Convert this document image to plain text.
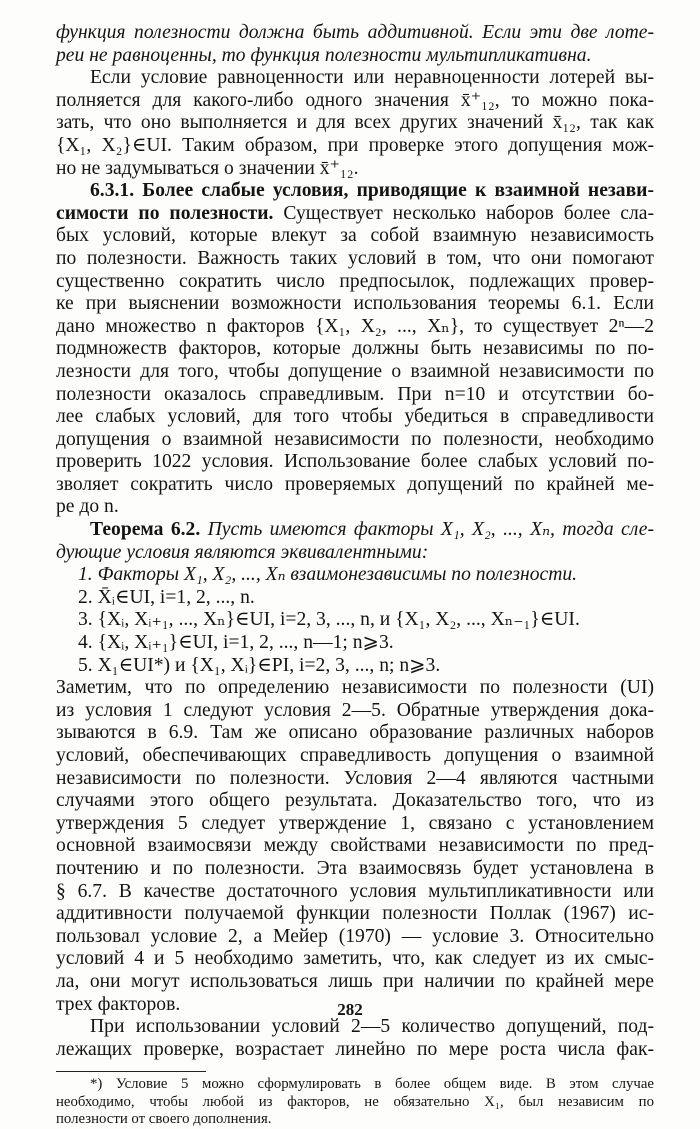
функция полезности должна быть аддитивной. Если эти две лоте-
реи не равноценны, то функция полезности мультипликативна.

Если условие равноценности или неравноценности лотерей вы-
полняется для какого-либо одного значения x̄⁺₁₂, то можно пока-
зать, что оно выполняется и для всех других значений x̄₁₂, так как
{X₁, X₂}∈UI. Таким образом, при проверке этого допущения мож-
но не задумываться о значении x̄⁺₁₂.

6.3.1. Более слабые условия, приводящие к взаимной незави-
симости по полезности. Существует несколько наборов более сла-
бых условий, которые влекут за собой взаимную независимость
по полезности. Важность таких условий в том, что они помогают
существенно сократить число предпосылок, подлежащих провер-
ке при выяснении возможности использования теоремы 6.1. Если
дано множество n факторов {X₁, X₂, ..., Xₙ}, то существует 2ⁿ—2
подмножеств факторов, которые должны быть независимы по по-
лезности для того, чтобы допущение о взаимной независимости по
полезности оказалось справедливым. При n=10 и отсутствии бо-
лее слабых условий, для того чтобы убедиться в справедливости
допущения о взаимной независимости по полезности, необходимо
проверить 1022 условия. Использование более слабых условий по-
зволяет сократить число проверяемых допущений по крайней ме-
ре до n.

Теорема 6.2. Пусть имеются факторы X₁, X₂, ..., Xₙ, тогда сле-
дующие условия являются эквивалентными:
1. Факторы X₁, X₂, ..., Xₙ взаимонезависимы по полезности.
2. X̄ᵢ∈UI, i=1, 2, ..., n.
3. {Xᵢ, Xᵢ₊₁, ..., Xₙ}∈UI, i=2, 3, ..., n, и {X₁, X₂, ..., Xₙ₋₁}∈UI.
4. {Xᵢ, Xᵢ₊₁}∈UI, i=1, 2, ..., n—1; n⩾3.
5. X₁∈UI*) и {X₁, Xᵢ}∈PI, i=2, 3, ..., n; n⩾3.

Заметим, что по определению независимости по полезности (UI)
из условия 1 следуют условия 2—5. Обратные утверждения дока-
зываются в 6.9. Там же описано образование различных наборов
условий, обеспечивающих справедливость допущения о взаимной
независимости по полезности. Условия 2—4 являются частными
случаями этого общего результата. Доказательство того, что из
утверждения 5 следует утверждение 1, связано с установлением
основной взаимосвязи между свойствами независимости по пред-
почтению и по полезности. Эта взаимосвязь будет установлена в
§ 6.7. В качестве достаточного условия мультипликативности или
аддитивности получаемой функции полезности Поллак (1967) ис-
пользовал условие 2, а Мейер (1970) — условие 3. Относительно
условий 4 и 5 необходимо заметить, что, как следует из их смыс-
ла, они могут использоваться лишь при наличии по крайней мере
трех факторов.

При использовании условий 2—5 количество допущений, под-
лежащих проверке, возрастает линейно по мере роста числа фак-

*) Условие 5 можно сформулировать в более общем виде. В этом случае
необходимо, чтобы любой из факторов, не обязательно X₁, был независим по
полезности от своего дополнения.
282
